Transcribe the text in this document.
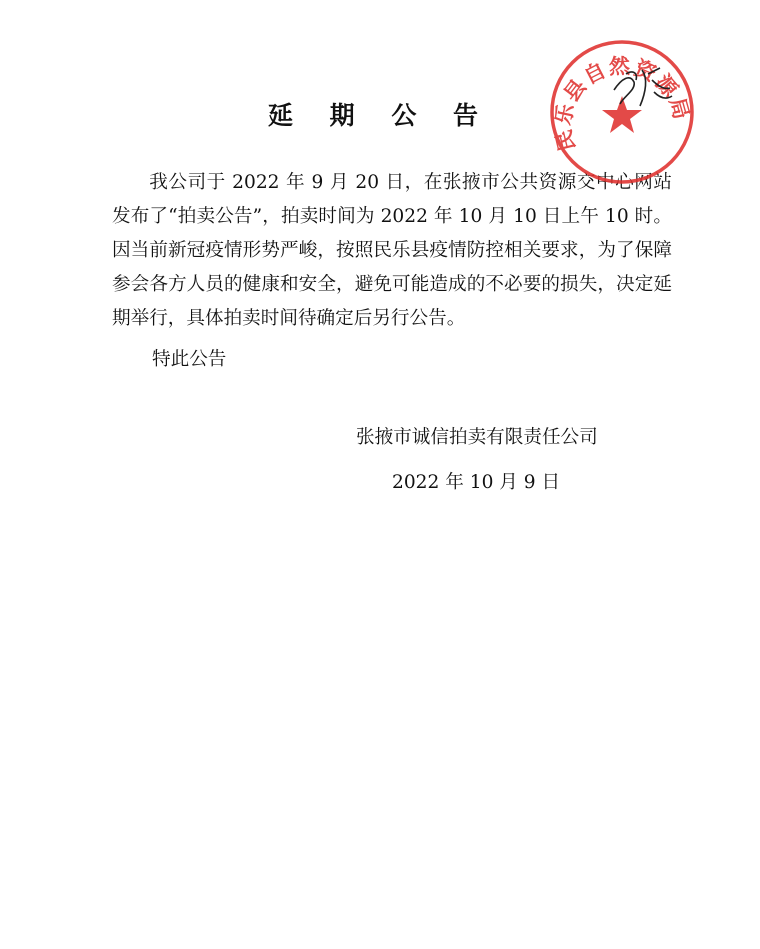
延 期 公 告

我公司于 2022 年 9 月 20 日，在张掖市公共资源交中心网站发布了“拍卖公告”，拍卖时间为 2022 年 10 月 10 日上午 10 时。因当前新冠疫情形势严峻，按照民乐县疫情防控相关要求，为了保障参会各方人员的健康和安全，避免可能造成的不必要的损失，决定延期举行，具体拍卖时间待确定后另行公告。

特此公告

张掖市诚信拍卖有限责任公司

2022 年 10 月 9 日

民乐县自然资源局
